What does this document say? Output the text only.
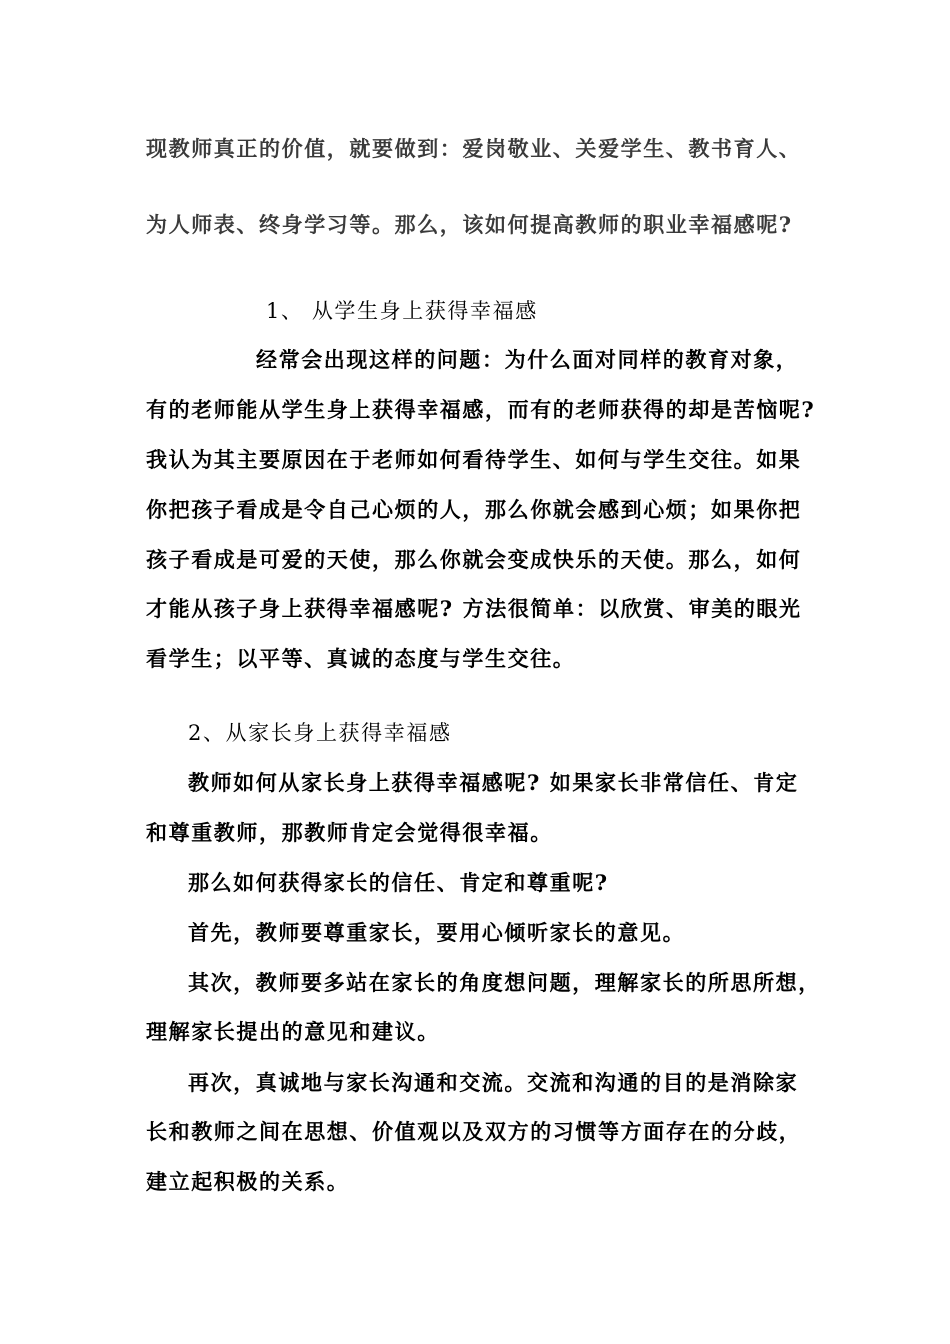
现教师真正的价值，就要做到：爱岗敬业、关爱学生、教书育人、
为人师表、终身学习等。那么，该如何提高教师的职业幸福感呢?
1、 从学生身上获得幸福感
经常会出现这样的问题：为什么面对同样的教育对象，
有的老师能从学生身上获得幸福感，而有的老师获得的却是苦恼呢?
我认为其主要原因在于老师如何看待学生、如何与学生交往。如果
你把孩子看成是令自己心烦的人，那么你就会感到心烦；如果你把
孩子看成是可爱的天使，那么你就会变成快乐的天使。那么，如何
才能从孩子身上获得幸福感呢? 方法很简单：以欣赏、审美的眼光
看学生；以平等、真诚的态度与学生交往。
2、从家长身上获得幸福感
教师如何从家长身上获得幸福感呢? 如果家长非常信任、肯定
和尊重教师，那教师肯定会觉得很幸福。
那么如何获得家长的信任、肯定和尊重呢?
首先，教师要尊重家长，要用心倾听家长的意见。
其次，教师要多站在家长的角度想问题，理解家长的所思所想，
理解家长提出的意见和建议。
再次，真诚地与家长沟通和交流。交流和沟通的目的是消除家
长和教师之间在思想、价值观以及双方的习惯等方面存在的分歧，
建立起积极的关系。
